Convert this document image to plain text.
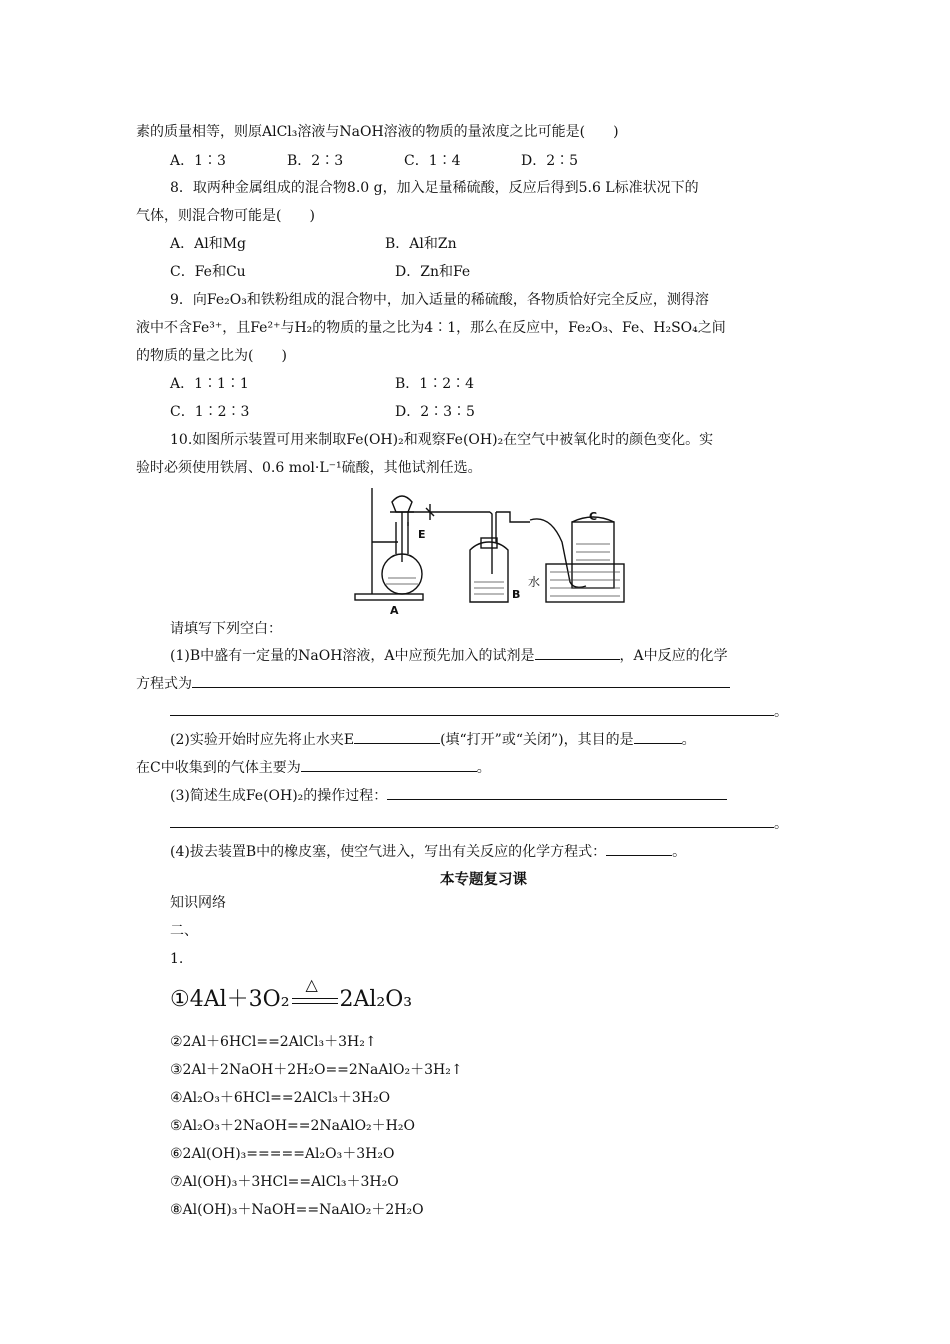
素的质量相等，则原AlCl₃溶液与NaOH溶液的物质的量浓度之比可能是(　　)
A．1∶3	B．2∶3	C．1∶4	D．2∶5
8．取两种金属组成的混合物8.0 g，加入足量稀硫酸，反应后得到5.6 L标准状况下的
气体，则混合物可能是(　　)
A．Al和Mg	B．Al和Zn
C．Fe和Cu	D．Zn和Fe
9．向Fe₂O₃和铁粉组成的混合物中，加入适量的稀硫酸，各物质恰好完全反应，测得溶
液中不含Fe³⁺，且Fe²⁺与H₂的物质的量之比为4∶1，那么在反应中，Fe₂O₃、Fe、H₂SO₄之间
的物质的量之比为(　　)
A．1∶1∶1	B．1∶2∶4
C．1∶2∶3	D．2∶3∶5
10.如图所示装置可用来制取Fe(OH)₂和观察Fe(OH)₂在空气中被氧化时的颜色变化。实
验时必须使用铁屑、0.6 mol·L⁻¹硫酸，其他试剂任选。
A
B
C
E
水
请填写下列空白：
(1)B中盛有一定量的NaOH溶液，A中应预先加入的试剂是	，A中反应的化学
方程式为
。
(2)实验开始时应先将止水夹E	(填“打开”或“关闭”)，其目的是	。
在C中收集到的气体主要为	。
(3)简述生成Fe(OH)₂的操作过程：
。
(4)拔去装置B中的橡皮塞，使空气进入，写出有关反应的化学方程式：	。
本专题复习课
知识网络
二、
1.
①4Al＋3O₂
△
2Al₂O₃
②2Al＋6HCl==2AlCl₃＋3H₂↑
③2Al＋2NaOH＋2H₂O==2NaAlO₂＋3H₂↑
④Al₂O₃＋6HCl==2AlCl₃＋3H₂O
⑤Al₂O₃＋2NaOH==2NaAlO₂＋H₂O
⑥2Al(OH)₃=====Al₂O₃＋3H₂O
⑦Al(OH)₃＋3HCl==AlCl₃＋3H₂O
⑧Al(OH)₃＋NaOH==NaAlO₂＋2H₂O
